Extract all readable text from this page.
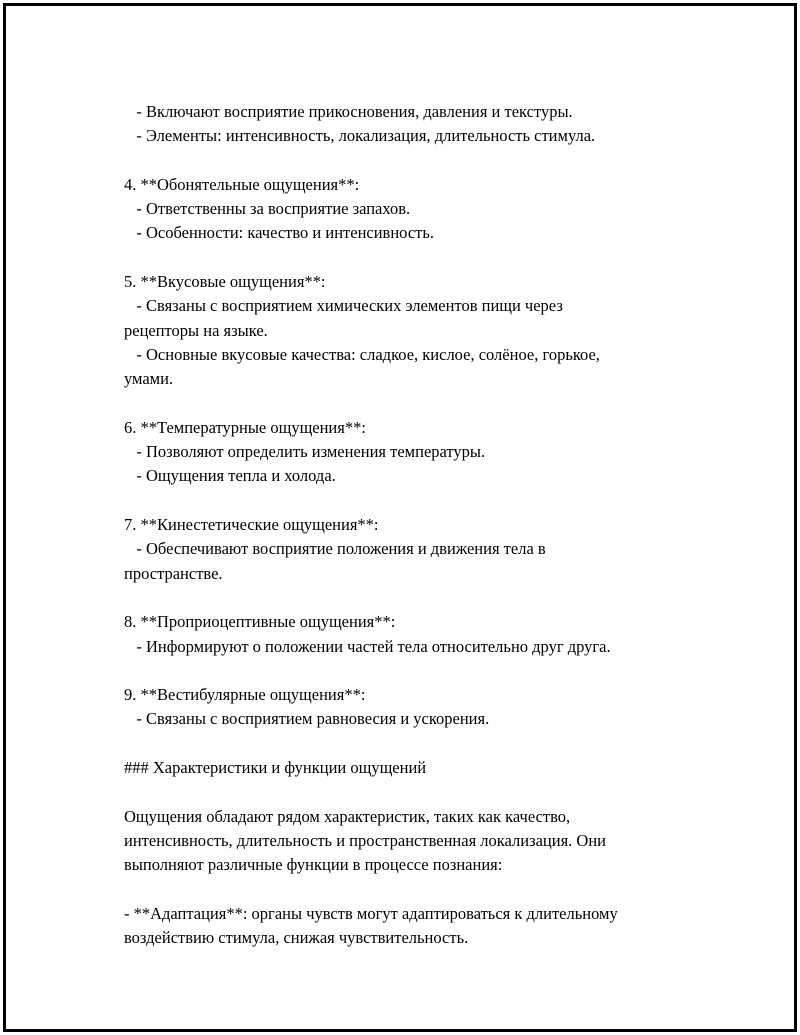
- Включают восприятие прикосновения, давления и текстуры.
- Элементы: интенсивность, локализация, длительность стимула.
4. **Обонятельные ощущения**:
- Ответственны за восприятие запахов.
- Особенности: качество и интенсивность.
5. **Вкусовые ощущения**:
- Связаны с восприятием химических элементов пищи через
рецепторы на языке.
- Основные вкусовые качества: сладкое, кислое, солёное, горькое,
умами.
6. **Температурные ощущения**:
- Позволяют определить изменения температуры.
- Ощущения тепла и холода.
7. **Кинестетические ощущения**:
- Обеспечивают восприятие положения и движения тела в
пространстве.
8. **Проприоцептивные ощущения**:
- Информируют о положении частей тела относительно друг друга.
9. **Вестибулярные ощущения**:
- Связаны с восприятием равновесия и ускорения.
### Характеристики и функции ощущений
Ощущения обладают рядом характеристик, таких как качество,
интенсивность, длительность и пространственная локализация. Они
выполняют различные функции в процессе познания:
- **Адаптация**: органы чувств могут адаптироваться к длительному
воздействию стимула, снижая чувствительность.
